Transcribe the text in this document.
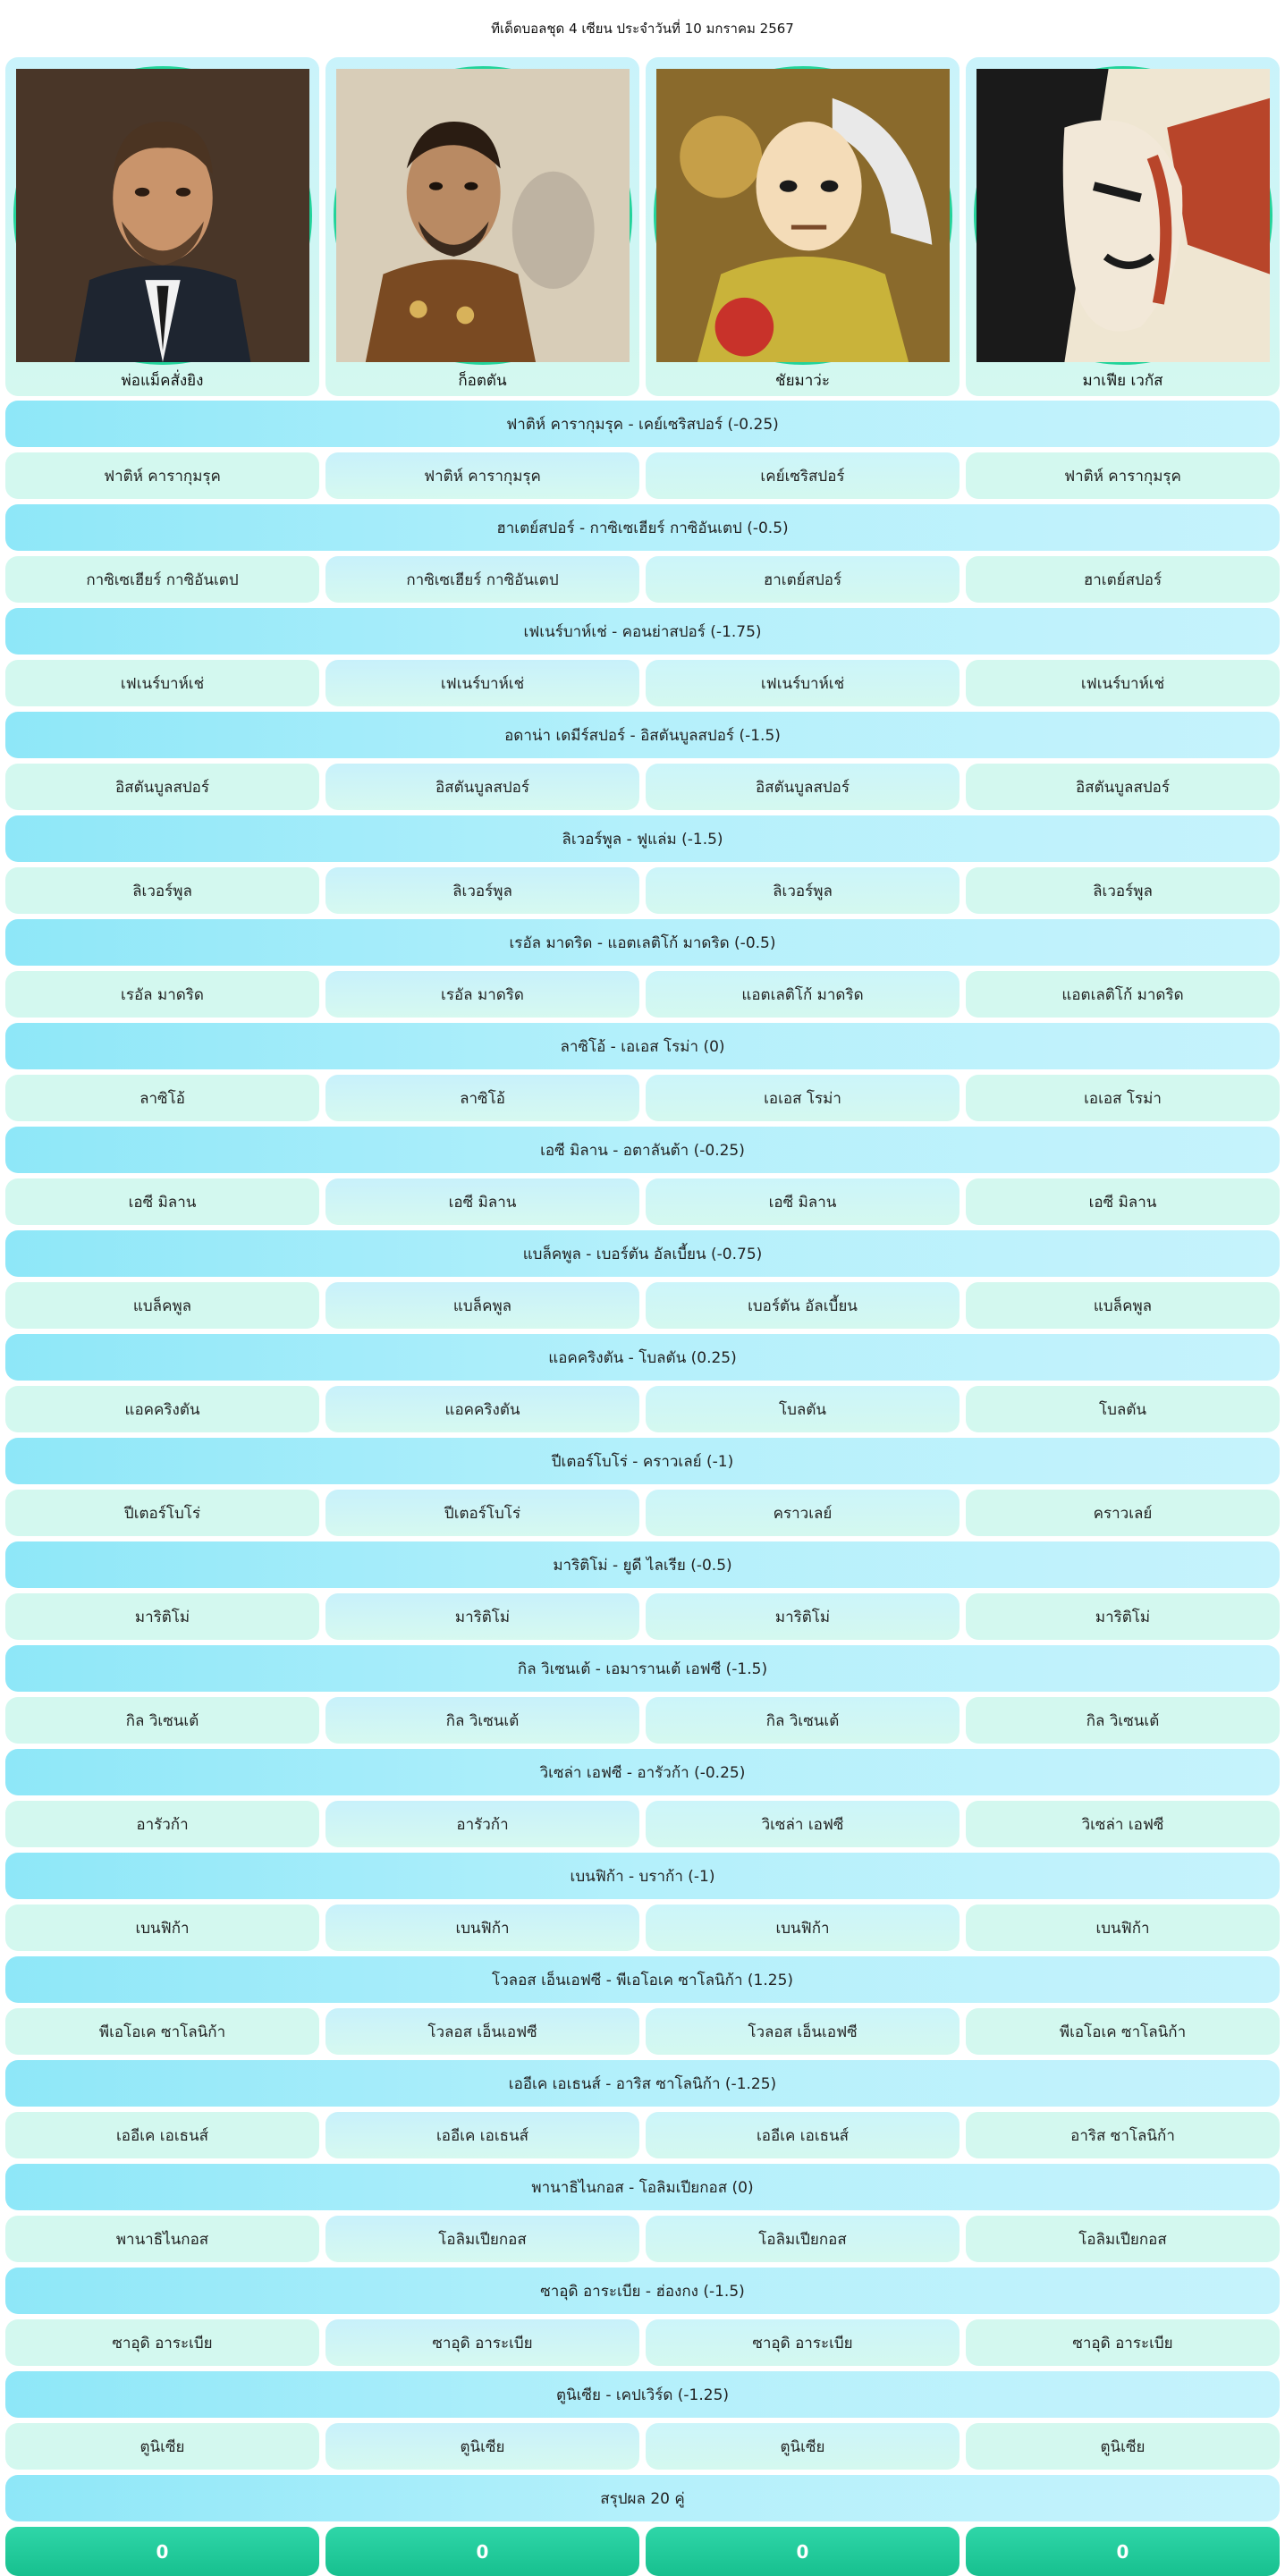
ทีเด็ดบอลชุด 4 เซียน ประจำวันที่ 10 มกราคม 2567
พ่อแม็คสั่งยิง	ก็อตตัน	ชัยมาว่ะ	มาเฟีย เวกัส
ฟาติห์ คารากุมรุค - เคย์เซริสปอร์ (-0.25)
ฟาติห์ คารากุมรุค	ฟาติห์ คารากุมรุค	เคย์เซริสปอร์	ฟาติห์ คารากุมรุค
ฮาเตย์สปอร์ - กาซิเซเฮียร์ กาซิอันเตป (-0.5)
กาซิเซเฮียร์ กาซิอันเตป	กาซิเซเฮียร์ กาซิอันเตป	ฮาเตย์สปอร์	ฮาเตย์สปอร์
เฟเนร์บาห์เช่ - คอนย่าสปอร์ (-1.75)
เฟเนร์บาห์เช่	เฟเนร์บาห์เช่	เฟเนร์บาห์เช่	เฟเนร์บาห์เช่
อดาน่า เดมีร์สปอร์ - อิสตันบูลสปอร์ (-1.5)
อิสตันบูลสปอร์	อิสตันบูลสปอร์	อิสตันบูลสปอร์	อิสตันบูลสปอร์
ลิเวอร์พูล - ฟูแล่ม (-1.5)
ลิเวอร์พูล	ลิเวอร์พูล	ลิเวอร์พูล	ลิเวอร์พูล
เรอัล มาดริด - แอตเลติโก้ มาดริด (-0.5)
เรอัล มาดริด	เรอัล มาดริด	แอตเลติโก้ มาดริด	แอตเลติโก้ มาดริด
ลาซิโอ้ - เอเอส โรม่า (0)
ลาซิโอ้	ลาซิโอ้	เอเอส โรม่า	เอเอส โรม่า
เอซี มิลาน - อตาลันต้า (-0.25)
เอซี มิลาน	เอซี มิลาน	เอซี มิลาน	เอซี มิลาน
แบล็คพูล - เบอร์ตัน อัลเบี้ยน (-0.75)
แบล็คพูล	แบล็คพูล	เบอร์ตัน อัลเบี้ยน	แบล็คพูล
แอคคริงตัน - โบลตัน (0.25)
แอคคริงตัน	แอคคริงตัน	โบลตัน	โบลตัน
ปีเตอร์โบโร่ - คราวเลย์ (-1)
ปีเตอร์โบโร่	ปีเตอร์โบโร่	คราวเลย์	คราวเลย์
มาริติโม่ - ยูดี ไลเรีย (-0.5)
มาริติโม่	มาริติโม่	มาริติโม่	มาริติโม่
กิล วิเซนเต้ - เอมารานเต้ เอฟซี (-1.5)
กิล วิเซนเต้	กิล วิเซนเต้	กิล วิเซนเต้	กิล วิเซนเต้
วิเซล่า เอฟซี - อารัวก้า (-0.25)
อารัวก้า	อารัวก้า	วิเซล่า เอฟซี	วิเซล่า เอฟซี
เบนฟิก้า - บราก้า (-1)
เบนฟิก้า	เบนฟิก้า	เบนฟิก้า	เบนฟิก้า
โวลอส เอ็นเอฟซี - พีเอโอเค ซาโลนิก้า (1.25)
พีเอโอเค ซาโลนิก้า	โวลอส เอ็นเอฟซี	โวลอส เอ็นเอฟซี	พีเอโอเค ซาโลนิก้า
เออีเค เอเธนส์ - อาริส ซาโลนิก้า (-1.25)
เออีเค เอเธนส์	เออีเค เอเธนส์	เออีเค เอเธนส์	อาริส ซาโลนิก้า
พานาธิไนกอส - โอลิมเปียกอส (0)
พานาธิไนกอส	โอลิมเปียกอส	โอลิมเปียกอส	โอลิมเปียกอส
ซาอุดิ อาระเบีย - ฮ่องกง (-1.5)
ซาอุดิ อาระเบีย	ซาอุดิ อาระเบีย	ซาอุดิ อาระเบีย	ซาอุดิ อาระเบีย
ตูนิเซีย - เคปเวิร์ด (-1.25)
ตูนิเซีย	ตูนิเซีย	ตูนิเซีย	ตูนิเซีย
สรุปผล 20 คู่
0	0	0	0
